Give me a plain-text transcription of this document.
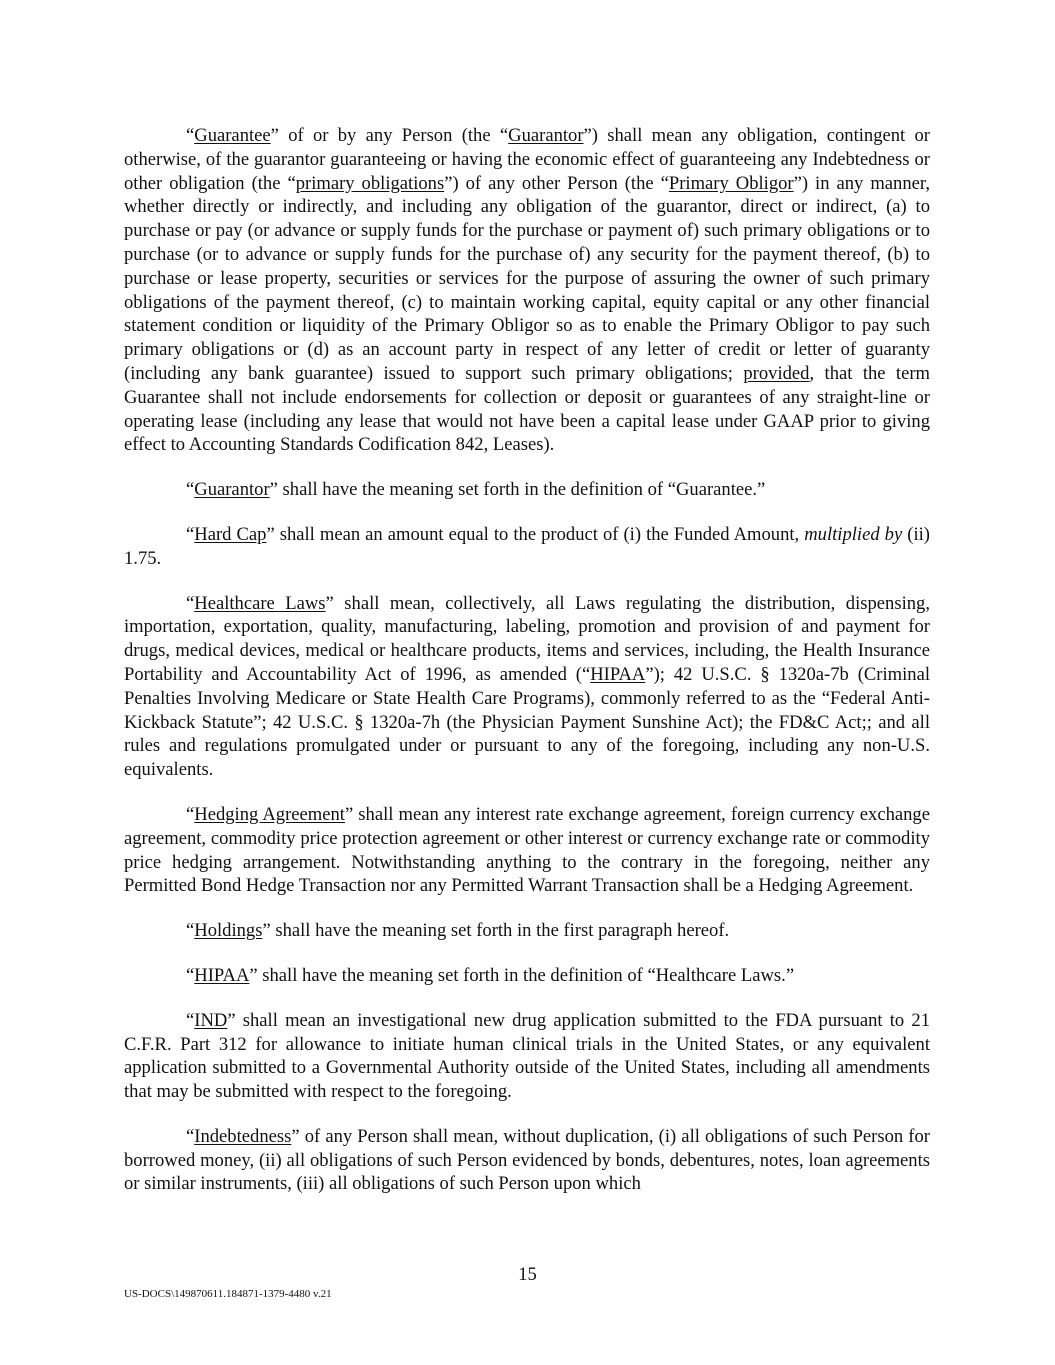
“Guarantee” of or by any Person (the “Guarantor”) shall mean any obligation, contingent or otherwise, of the guarantor guaranteeing or having the economic effect of guaranteeing any Indebtedness or other obligation (the “primary obligations”) of any other Person (the “Primary Obligor”) in any manner, whether directly or indirectly, and including any obligation of the guarantor, direct or indirect, (a) to purchase or pay (or advance or supply funds for the purchase or payment of) such primary obligations or to purchase (or to advance or supply funds for the purchase of) any security for the payment thereof, (b) to purchase or lease property, securities or services for the purpose of assuring the owner of such primary obligations of the payment thereof, (c) to maintain working capital, equity capital or any other financial statement condition or liquidity of the Primary Obligor so as to enable the Primary Obligor to pay such primary obligations or (d) as an account party in respect of any letter of credit or letter of guaranty (including any bank guarantee) issued to support such primary obligations; provided, that the term Guarantee shall not include endorsements for collection or deposit or guarantees of any straight-line or operating lease (including any lease that would not have been a capital lease under GAAP prior to giving effect to Accounting Standards Codification 842, Leases).

“Guarantor” shall have the meaning set forth in the definition of “Guarantee.”

“Hard Cap” shall mean an amount equal to the product of (i) the Funded Amount, multiplied by (ii) 1.75.

“Healthcare Laws” shall mean, collectively, all Laws regulating the distribution, dispensing, importation, exportation, quality, manufacturing, labeling, promotion and provision of and payment for drugs, medical devices, medical or healthcare products, items and services, including, the Health Insurance Portability and Accountability Act of 1996, as amended (“HIPAA”); 42 U.S.C. § 1320a-7b (Criminal Penalties Involving Medicare or State Health Care Programs), commonly referred to as the “Federal Anti-Kickback Statute”; 42 U.S.C. § 1320a-7h (the Physician Payment Sunshine Act); the FD&C Act;; and all rules and regulations promulgated under or pursuant to any of the foregoing, including any non-U.S. equivalents.

“Hedging Agreement” shall mean any interest rate exchange agreement, foreign currency exchange agreement, commodity price protection agreement or other interest or currency exchange rate or commodity price hedging arrangement. Notwithstanding anything to the contrary in the foregoing, neither any Permitted Bond Hedge Transaction nor any Permitted Warrant Transaction shall be a Hedging Agreement.

“Holdings” shall have the meaning set forth in the first paragraph hereof.

“HIPAA” shall have the meaning set forth in the definition of “Healthcare Laws.”

“IND” shall mean an investigational new drug application submitted to the FDA pursuant to 21 C.F.R. Part 312 for allowance to initiate human clinical trials in the United States, or any equivalent application submitted to a Governmental Authority outside of the United States, including all amendments that may be submitted with respect to the foregoing.

“Indebtedness” of any Person shall mean, without duplication, (i) all obligations of such Person for borrowed money, (ii) all obligations of such Person evidenced by bonds, debentures, notes, loan agreements or similar instruments, (iii) all obligations of such Person upon which

15
US-DOCS\149870611.184871-1379-4480 v.21
